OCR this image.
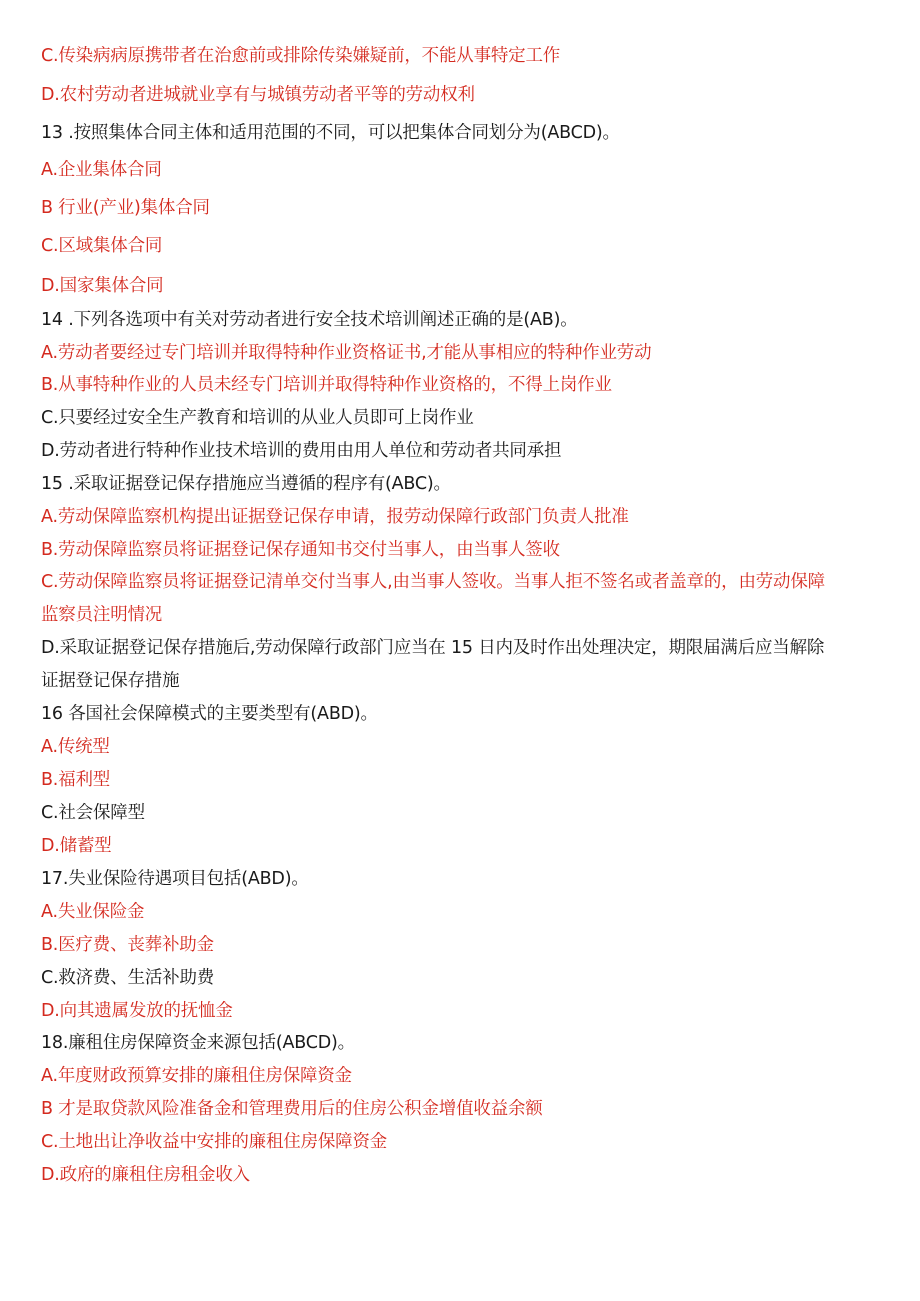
C.传染病病原携带者在治愈前或排除传染嫌疑前，不能从事特定工作
D.农村劳动者进城就业享有与城镇劳动者平等的劳动权利
13 .按照集体合同主体和适用范围的不同，可以把集体合同划分为(ABCD)。
A.企业集体合同
B 行业(产业)集体合同
C.区域集体合同
D.国家集体合同
14 .下列各选项中有关对劳动者进行安全技术培训阐述正确的是(AB)。
A.劳动者要经过专门培训并取得特种作业资格证书,才能从事相应的特种作业劳动
B.从事特种作业的人员未经专门培训并取得特种作业资格的，不得上岗作业
C.只要经过安全生产教育和培训的从业人员即可上岗作业
D.劳动者进行特种作业技术培训的费用由用人单位和劳动者共同承担
15 .采取证据登记保存措施应当遵循的程序有(ABC)。
A.劳动保障监察机构提出证据登记保存申请，报劳动保障行政部门负责人批准
B.劳动保障监察员将证据登记保存通知书交付当事人，由当事人签收
C.劳动保障监察员将证据登记清单交付当事人,由当事人签收。当事人拒不签名或者盖章的，由劳动保障
监察员注明情况
D.采取证据登记保存措施后,劳动保障行政部门应当在 15 日内及时作出处理决定，期限届满后应当解除
证据登记保存措施
16 各国社会保障模式的主要类型有(ABD)。
A.传统型
B.福利型
C.社会保障型
D.储蓄型
17.失业保险待遇项目包括(ABD)。
A.失业保险金
B.医疗费、丧葬补助金
C.救济费、生活补助费
D.向其遗属发放的抚恤金
18.廉租住房保障资金来源包括(ABCD)。
A.年度财政预算安排的廉租住房保障资金
B 才是取贷款风险准备金和管理费用后的住房公积金增值收益余额
C.土地出让净收益中安排的廉租住房保障资金
D.政府的廉租住房租金收入
